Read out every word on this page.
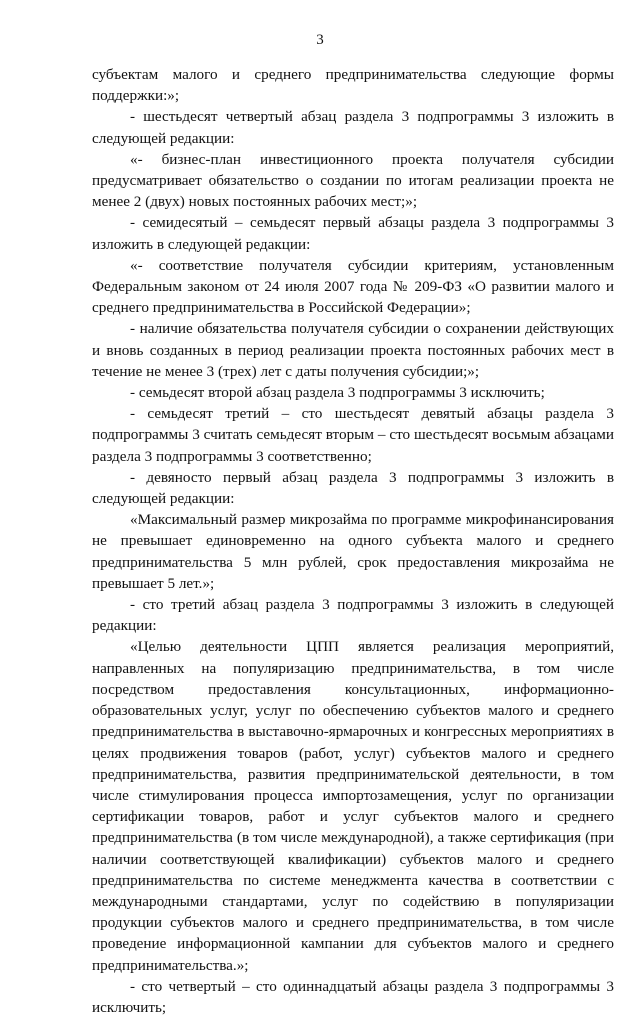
3

субъектам малого и среднего предпринимательства следующие формы поддержки:»;

- шестьдесят четвертый абзац раздела 3 подпрограммы 3 изложить в следующей редакции:

«- бизнес-план инвестиционного проекта получателя субсидии предусматривает обязательство о создании по итогам реализации проекта не менее 2 (двух) новых постоянных рабочих мест;»;

- семидесятый – семьдесят первый абзацы раздела 3 подпрограммы 3 изложить в следующей редакции:

«- соответствие получателя субсидии критериям, установленным Федеральным законом от 24 июля 2007 года № 209-ФЗ «О развитии малого и среднего предпринимательства в Российской Федерации»;

- наличие обязательства получателя субсидии о сохранении действующих и вновь созданных в период реализации проекта постоянных рабочих мест в течение не менее 3 (трех) лет с даты получения субсидии;»;

- семьдесят второй абзац раздела 3 подпрограммы 3 исключить;

- семьдесят третий – сто шестьдесят девятый абзацы раздела 3 подпрограммы 3 считать семьдесят вторым – сто шестьдесят восьмым абзацами раздела 3 подпрограммы 3 соответственно;

- девяносто первый абзац раздела 3 подпрограммы 3 изложить в следующей редакции:

«Максимальный размер микрозайма по программе микрофинансирования не превышает единовременно на одного субъекта малого и среднего предпринимательства 5 млн рублей, срок предоставления микрозайма не превышает 5 лет.»;

- сто третий абзац раздела 3 подпрограммы 3 изложить в следующей редакции:

«Целью деятельности ЦПП является реализация мероприятий, направленных на популяризацию предпринимательства, в том числе посредством предоставления консультационных, информационно-образовательных услуг, услуг по обеспечению субъектов малого и среднего предпринимательства в выставочно-ярмарочных и конгрессных мероприятиях в целях продвижения товаров (работ, услуг) субъектов малого и среднего предпринимательства, развития предпринимательской деятельности, в том числе стимулирования процесса импортозамещения, услуг по организации сертификации товаров, работ и услуг субъектов малого и среднего предпринимательства (в том числе международной), а также сертификация (при наличии соответствующей квалификации) субъектов малого и среднего предпринимательства по системе менеджмента качества в соответствии с международными стандартами, услуг по содействию в популяризации продукции субъектов малого и среднего предпринимательства, в том числе проведение информационной кампании для субъектов малого и среднего предпринимательства.»;

- сто четвертый – сто одиннадцатый абзацы раздела 3 подпрограммы 3 исключить;
